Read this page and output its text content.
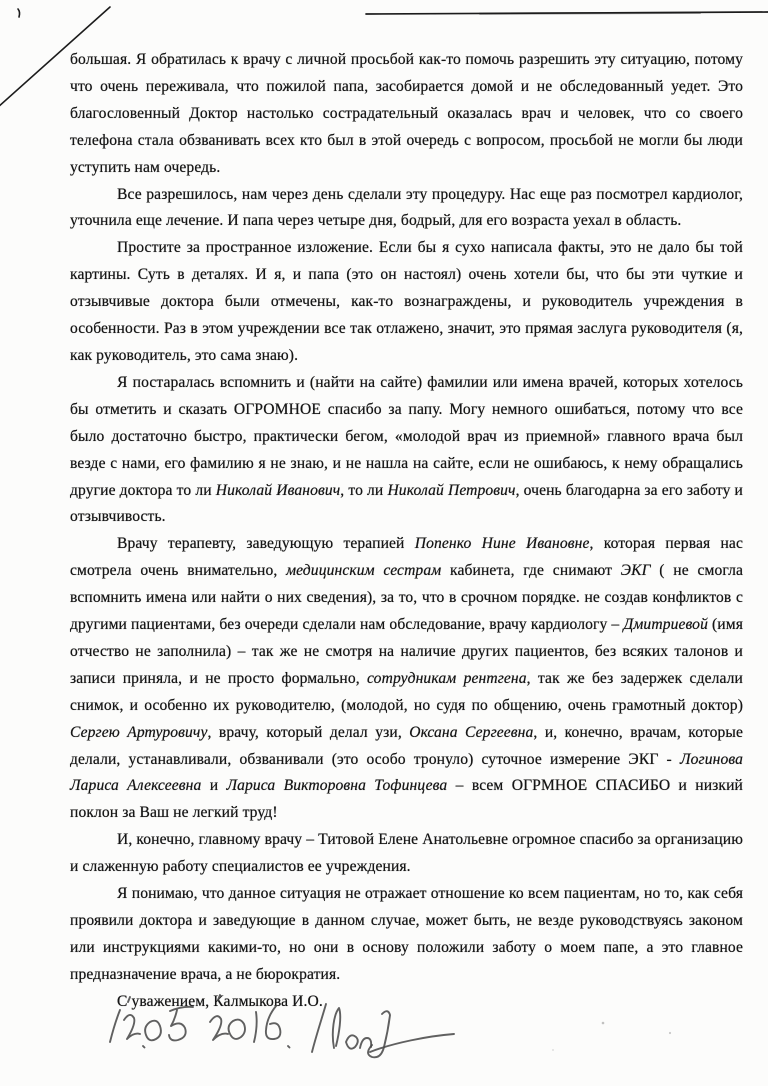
большая. Я обратилась к врачу с личной просьбой как-то помочь разрешить эту ситуацию, потому что очень переживала, что пожилой папа, засобирается домой и не обследованный уедет. Это благословенный Доктор настолько сострадательный оказалась врач и человек, что со своего телефона стала обзванивать всех кто был в этой очередь с вопросом, просьбой не могли бы люди уступить нам очередь.

Все разрешилось, нам через день сделали эту процедуру. Нас еще раз посмотрел кардиолог, уточнила еще лечение. И папа через четыре дня, бодрый, для его возраста уехал в область.

Простите за пространное изложение. Если бы я сухо написала факты, это не дало бы той картины. Суть в деталях. И я, и папа (это он настоял) очень хотели бы, что бы эти чуткие и отзывчивые доктора были отмечены, как-то вознаграждены, и руководитель учреждения в особенности. Раз в этом учреждении все так отлажено, значит, это прямая заслуга руководителя (я, как руководитель, это сама знаю).

Я постаралась вспомнить и (найти на сайте) фамилии или имена врачей, которых хотелось бы отметить и сказать ОГРОМНОЕ спасибо за папу. Могу немного ошибаться, потому что все было достаточно быстро, практически бегом, «молодой врач из приемной» главного врача был везде с нами, его фамилию я не знаю, и не нашла на сайте, если не ошибаюсь, к нему обращались другие доктора то ли Николай Иванович, то ли Николай Петрович, очень благодарна за его заботу и отзывчивость.

Врачу терапевту, заведующую терапией Попенко Нине Ивановне, которая первая нас смотрела очень внимательно, медицинским сестрам кабинета, где снимают ЭКГ ( не смогла вспомнить имена или найти о них сведения), за то, что в срочном порядке. не создав конфликтов с другими пациентами, без очереди сделали нам обследование, врачу кардиологу – Дмитриевой (имя отчество не заполнила) – так же не смотря на наличие других пациентов, без всяких талонов и записи приняла, и не просто формально, сотрудникам рентгена, так же без задержек сделали снимок, и особенно их руководителю, (молодой, но судя по общению, очень грамотный доктор) Сергею Артуровичу, врачу, который делал узи, Оксана Сергеевна, и, конечно, врачам, которые делали, устанавливали, обзванивали (это особо тронуло) суточное измерение ЭКГ - Логинова Лариса Алексеевна и Лариса Викторовна Тофинцева – всем ОГРМНОЕ СПАСИБО и низкий поклон за Ваш не легкий труд!

И, конечно, главному врачу – Титовой Елене Анатольевне огромное спасибо за организацию и слаженную работу специалистов ее учреждения.

Я понимаю, что данное ситуация не отражает отношение ко всем пациентам, но то, как себя проявили доктора и заведующие в данном случае, может быть, не везде руководствуясь законом или инструкциями какими-то, но они в основу положили заботу о моем папе, а это главное предназначение врача, а не бюрократия.

С уважением, Калмыкова И.О.
